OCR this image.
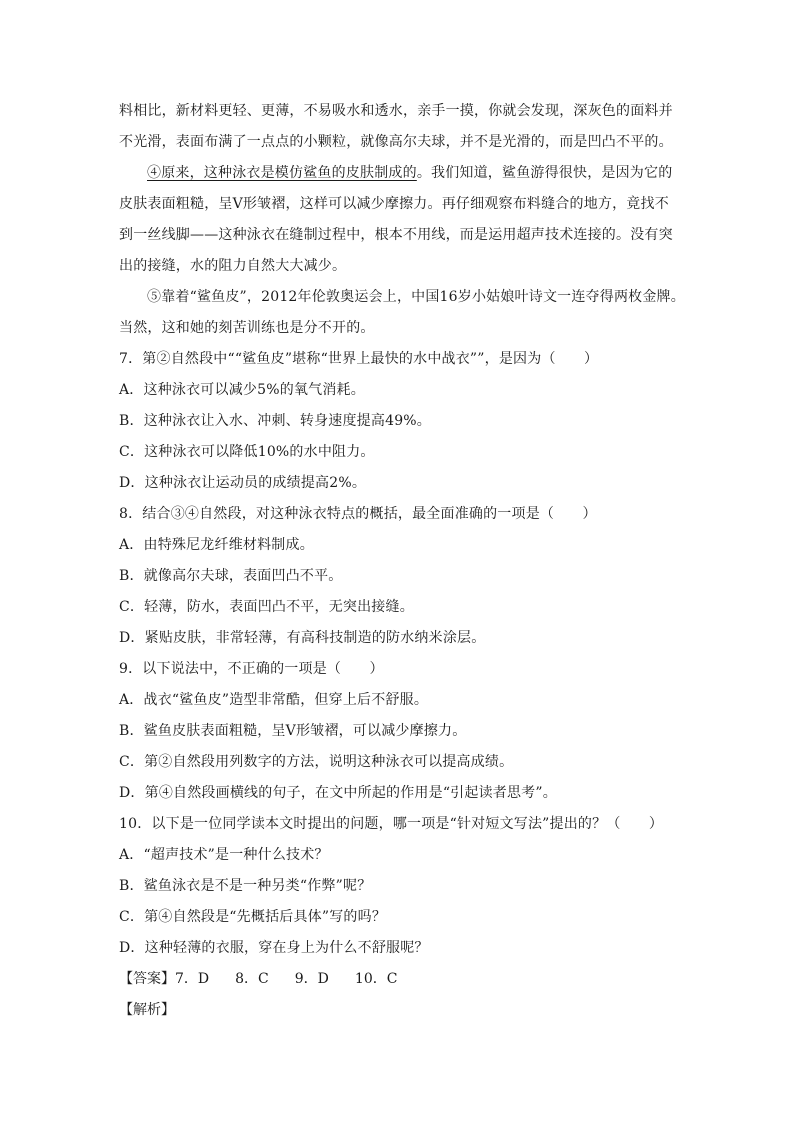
料相比，新材料更轻、更薄，不易吸水和透水，亲手一摸，你就会发现，深灰色的面料并
不光滑，表面布满了一点点的小颗粒，就像高尔夫球，并不是光滑的，而是凹凸不平的。
④原来，这种泳衣是模仿鲨鱼的皮肤制成的。我们知道，鲨鱼游得很快，是因为它的
皮肤表面粗糙，呈V形皱褶，这样可以减少摩擦力。再仔细观察布料缝合的地方，竟找不
到一丝线脚——这种泳衣在缝制过程中，根本不用线，而是运用超声技术连接的。没有突
出的接缝，水的阻力自然大大减少。
⑤靠着“鲨鱼皮”，2012年伦敦奥运会上，中国16岁小姑娘叶诗文一连夺得两枚金牌。
当然，这和她的刻苦训练也是分不开的。
7．第②自然段中““鲨鱼皮”堪称“世界上最快的水中战衣””，是因为（　　）
A．这种泳衣可以减少5%的氧气消耗。
B．这种泳衣让入水、冲刺、转身速度提高49%。
C．这种泳衣可以降低10%的水中阻力。
D．这种泳衣让运动员的成绩提高2%。
8．结合③④自然段，对这种泳衣特点的概括，最全面准确的一项是（　　）
A．由特殊尼龙纤维材料制成。
B．就像高尔夫球，表面凹凸不平。
C．轻薄，防水，表面凹凸不平，无突出接缝。
D．紧贴皮肤，非常轻薄，有高科技制造的防水纳米涂层。
9．以下说法中，不正确的一项是（　　）
A．战衣“鲨鱼皮”造型非常酷，但穿上后不舒服。
B．鲨鱼皮肤表面粗糙，呈V形皱褶，可以减少摩擦力。
C．第②自然段用列数字的方法，说明这种泳衣可以提高成绩。
D．第④自然段画横线的句子，在文中所起的作用是“引起读者思考”。
10．以下是一位同学读本文时提出的问题，哪一项是“针对短文写法”提出的？（　　）
A．“超声技术”是一种什么技术？
B．鲨鱼泳衣是不是一种另类“作弊”呢？
C．第④自然段是“先概括后具体”写的吗？
D．这种轻薄的衣服，穿在身上为什么不舒服呢？
【答案】7．D 8．C 9．D 10．C
【解析】
